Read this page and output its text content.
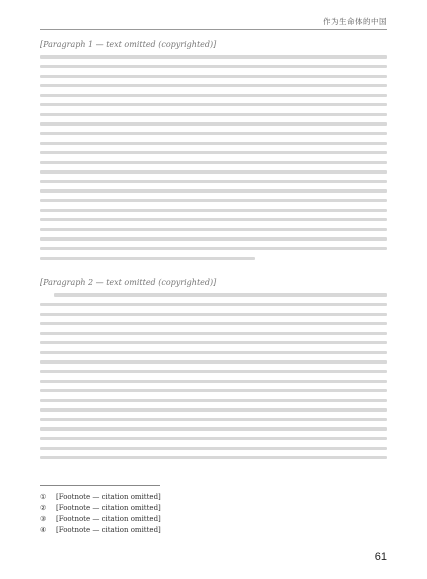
作为生命体的中国
[Paragraph 1 — text omitted (copyrighted)]
[Paragraph 2 — text omitted (copyrighted)]
① [Footnote — citation omitted]
② [Footnote — citation omitted]
③ [Footnote — citation omitted]
④ [Footnote — citation omitted]
61
